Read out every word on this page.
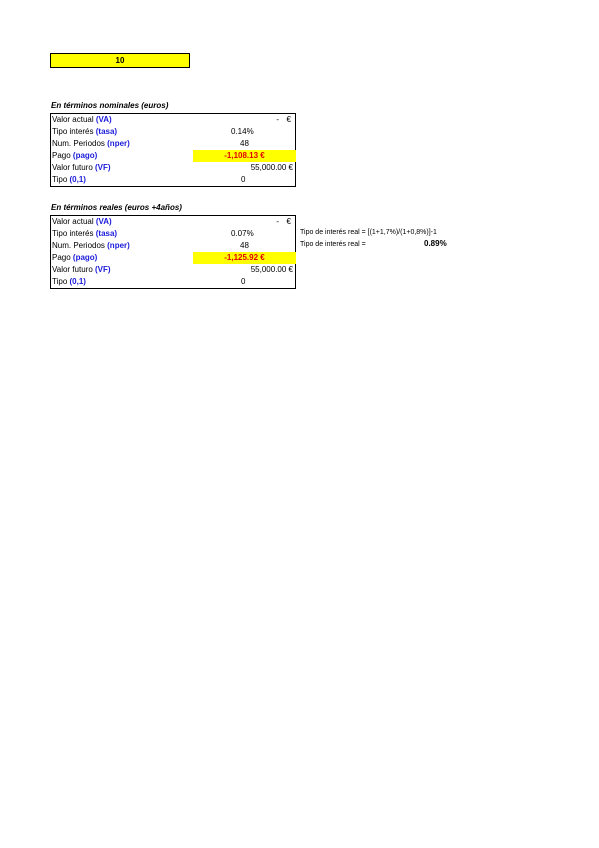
10
En términos nominales (euros)
Valor actual (VA)	- €
Tipo interés (tasa)	0.14%
Num. Periodos (nper)	48
Pago (pago)	-1,108.13 €
Valor futuro (VF)	55,000.00 €
Tipo (0,1)	0
En términos reales (euros +4años)
Valor actual (VA)	- €
Tipo interés (tasa)	0.07%
Num. Periodos (nper)	48
Pago (pago)	-1,125.92 €
Valor futuro (VF)	55,000.00 €
Tipo (0,1)	0
Tipo de interés real = [(1+1,7%)/(1+0,8%)]-1
Tipo de interés real =	0.89%
